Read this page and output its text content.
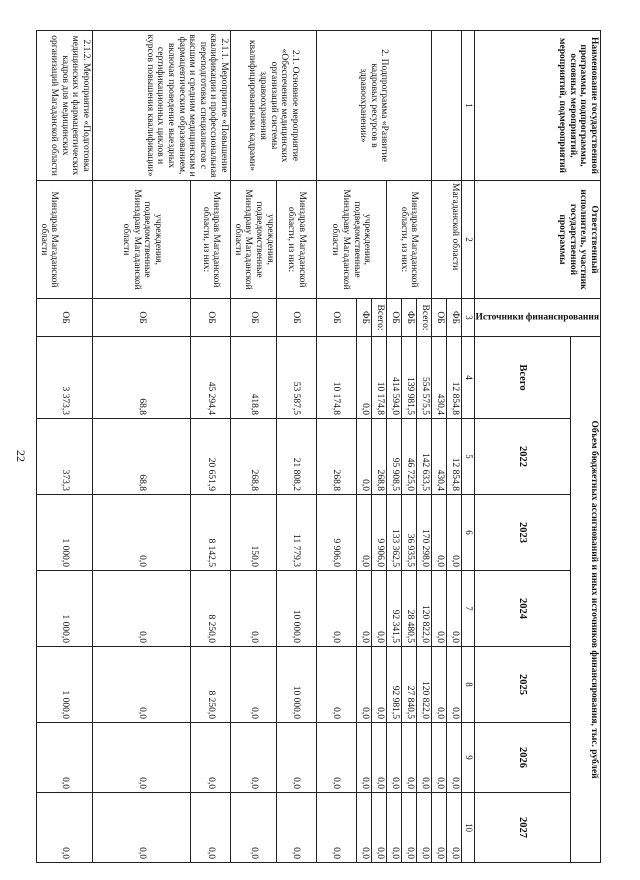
22
Наименование государственной программы, подпрограммы, основных мероприятий, мероприятий, подмероприятий	Ответственный исполнитель, участник государственной программы	Источники финансирования	Объем бюджетных ассигнований и иных источников финансирования, тыс. рублей						
			Всего	2022	2023	2024	2025	2026	2027
1	2	3	4	5	6	7	8	9	10
	Магаданской области	ФБ	12 854,8	12 854,8	0,0	0,0	0,0	0,0	0,0
		ОБ	430,4	430,4	0,0	0,0	0,0	0,0	0,0
2. Подпрограмма «Развитие кадровых ресурсов в здравоохранении»	Минздрав Магаданской области, из них:	Всего:	554 575,5	142 633,5	170 298,0	120 822,0	120 822,0	0,0	0,0
		ФБ	139 981,5	46 725,0	36 935,5	28 480,5	27 840,5	0,0	0,0
		ОБ	414 594,0	95 908,5	133 362,5	92 341,5	92 981,5	0,0	0,0
	учреждения, подведомственные Минздраву Магаданской области	Всего:	10 174,8	268,8	9 906,0	0,0	0,0	0,0	0,0
		ФБ	0,0	0,0	0,0	0,0	0,0	0,0	0,0
		ОБ	10 174,8	268,8	9 906,0	0,0	0,0	0,0	0,0
2.1. Основное мероприятие «Обеспечение медицинских организаций системы здравоохранения квалифицированными кадрами»	Минздрав Магаданской области, из них:	ОБ	53 587,5	21 808,2	11 779,3	10 000,0	10 000,0	0,0	0,0
	учреждения, подведомственные Минздраву Магаданской области	ОБ	418,8	268,8	150,0	0,0	0,0	0,0	0,0
2.1.1. Мероприятие «Повышение квалификации и профессиональная переподготовка специалистов с высшим и средним медицинским и фармацевтическим образованием, включая проведение выездных сертификационных циклов и курсов повышения квалификации»	Минздрав Магаданской области, из них:	ОБ	45 294,4	20 651,9	8 142,5	8 250,0	8 250,0	0,0	0,0
	учреждения, подведомственные Минздраву Магаданской области	ОБ	68,8	68,8	0,0	0,0	0,0	0,0	0,0
2.1.2. Мероприятие «Подготовка медицинских и фармацевтических кадров для медицинских организаций Магаданской области	Минздрав Магаданской области	ОБ	3 373,3	373,3	1 000,0	1 000,0	1 000,0	0,0	0,0
